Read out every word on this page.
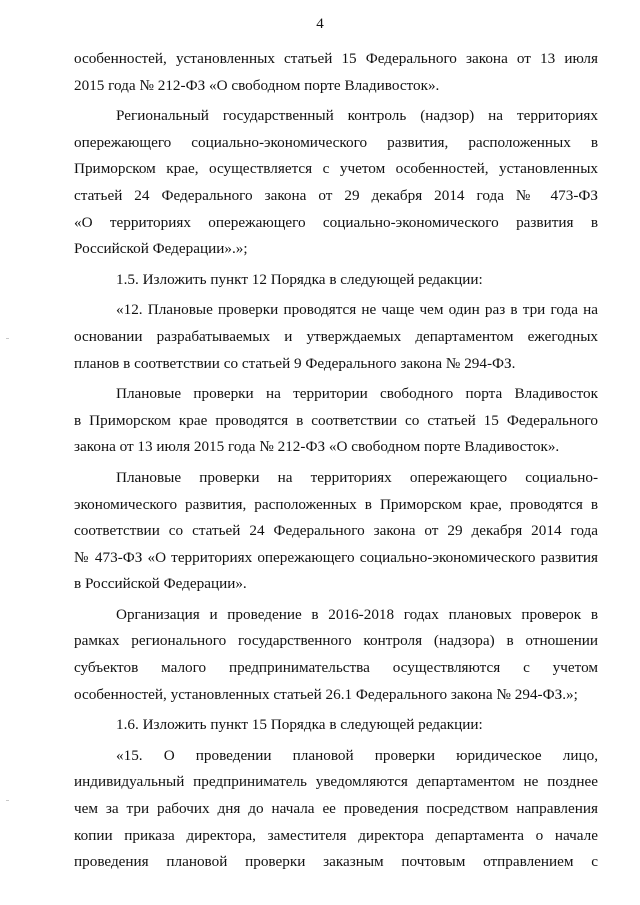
4
особенностей, установленных статьей 15 Федерального закона от 13 июля
2015 года № 212-ФЗ «О свободном порте Владивосток».
Региональный государственный контроль (надзор) на территориях
опережающего социально-экономического развития, расположенных в
Приморском крае, осуществляется с учетом особенностей, установленных
статьей 24 Федерального закона от 29 декабря 2014 года № 473-ФЗ
«О территориях опережающего социально-экономического развития в
Российской Федерации».»;
1.5. Изложить пункт 12 Порядка в следующей редакции:
«12. Плановые проверки проводятся не чаще чем один раз в три года на
основании разрабатываемых и утверждаемых департаментом ежегодных
планов в соответствии со статьей 9 Федерального закона № 294-ФЗ.
Плановые проверки на территории свободного порта Владивосток
в Приморском крае проводятся в соответствии со статьей 15 Федерального
закона от 13 июля 2015 года № 212-ФЗ «О свободном порте Владивосток».
Плановые проверки на территориях опережающего социально-
экономического развития, расположенных в Приморском крае, проводятся в
соответствии со статьей 24 Федерального закона от 29 декабря 2014 года
№ 473-ФЗ «О территориях опережающего социально-экономического развития
в Российской Федерации».
Организация и проведение в 2016-2018 годах плановых проверок в
рамках регионального государственного контроля (надзора) в отношении
субъектов малого предпринимательства осуществляются с учетом
особенностей, установленных статьей 26.1 Федерального закона № 294-ФЗ.»;
1.6. Изложить пункт 15 Порядка в следующей редакции:
«15. О проведении плановой проверки юридическое лицо,
индивидуальный предприниматель уведомляются департаментом не позднее
чем за три рабочих дня до начала ее проведения посредством направления
копии приказа директора, заместителя директора департамента о начале
проведения плановой проверки заказным почтовым отправлением с
